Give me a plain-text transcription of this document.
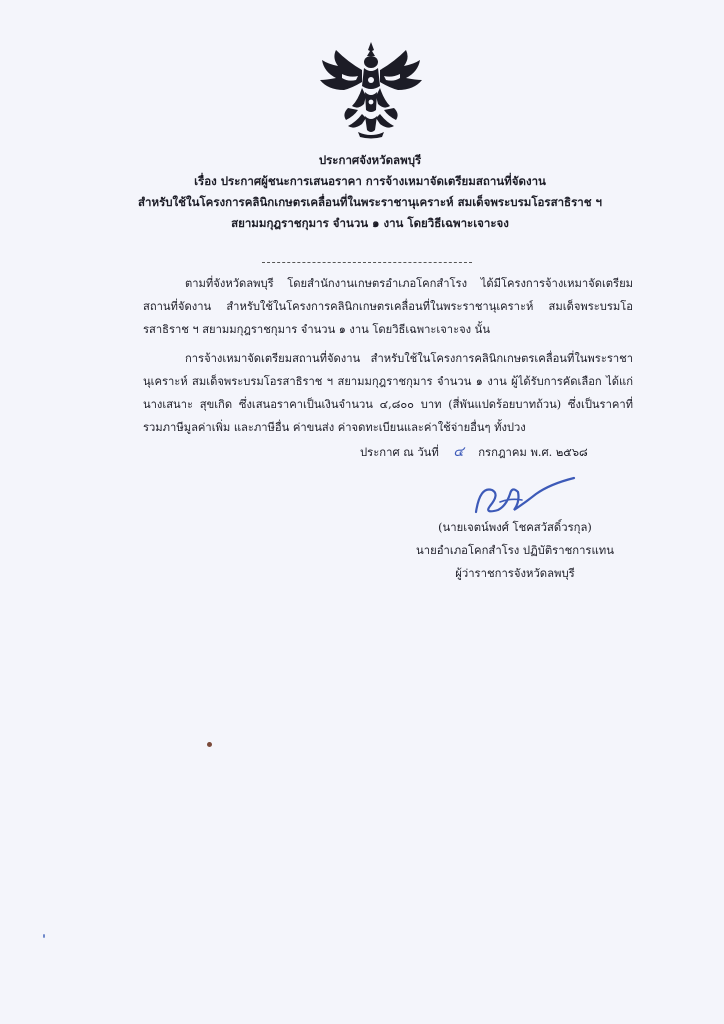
ประกาศจังหวัดลพบุรี
เรื่อง ประกาศผู้ชนะการเสนอราคา การจ้างเหมาจัดเตรียมสถานที่จัดงาน
สำหรับใช้ในโครงการคลินิกเกษตรเคลื่อนที่ในพระราชานุเคราะห์ สมเด็จพระบรมโอรสาธิราช ฯ
สยามมกุฎราชกุมาร จำนวน ๑ งาน โดยวิธีเฉพาะเจาะจง
ตามที่จังหวัดลพบุรี โดยสำนักงานเกษตรอำเภอโคกสำโรง ได้มีโครงการจ้างเหมาจัดเตรียมสถานที่จัดงาน สำหรับใช้ในโครงการคลินิกเกษตรเคลื่อนที่ในพระราชานุเคราะห์ สมเด็จพระบรมโอรสาธิราช ฯ สยามมกุฎราชกุมาร จำนวน ๑ งาน โดยวิธีเฉพาะเจาะจง นั้น
การจ้างเหมาจัดเตรียมสถานที่จัดงาน สำหรับใช้ในโครงการคลินิกเกษตรเคลื่อนที่ในพระราชานุเคราะห์ สมเด็จพระบรมโอรสาธิราช ฯ สยามมกุฎราชกุมาร จำนวน ๑ งาน ผู้ได้รับการคัดเลือก ได้แก่ นางเสนาะ สุขเกิด ซึ่งเสนอราคาเป็นเงินจำนวน ๔,๘๐๐ บาท (สี่พันแปดร้อยบาทถ้วน) ซึ่งเป็นราคาที่รวมภาษีมูลค่าเพิ่ม และภาษีอื่น ค่าขนส่ง ค่าจดทะเบียนและค่าใช้จ่ายอื่นๆ ทั้งปวง
ประกาศ ณ วันที่ ๔ กรกฎาคม พ.ศ. ๒๕๖๘
(นายเจตน์พงศ์ โชคสวัสดิ์วรกุล)
นายอำเภอโคกสำโรง ปฏิบัติราชการแทน
ผู้ว่าราชการจังหวัดลพบุรี
